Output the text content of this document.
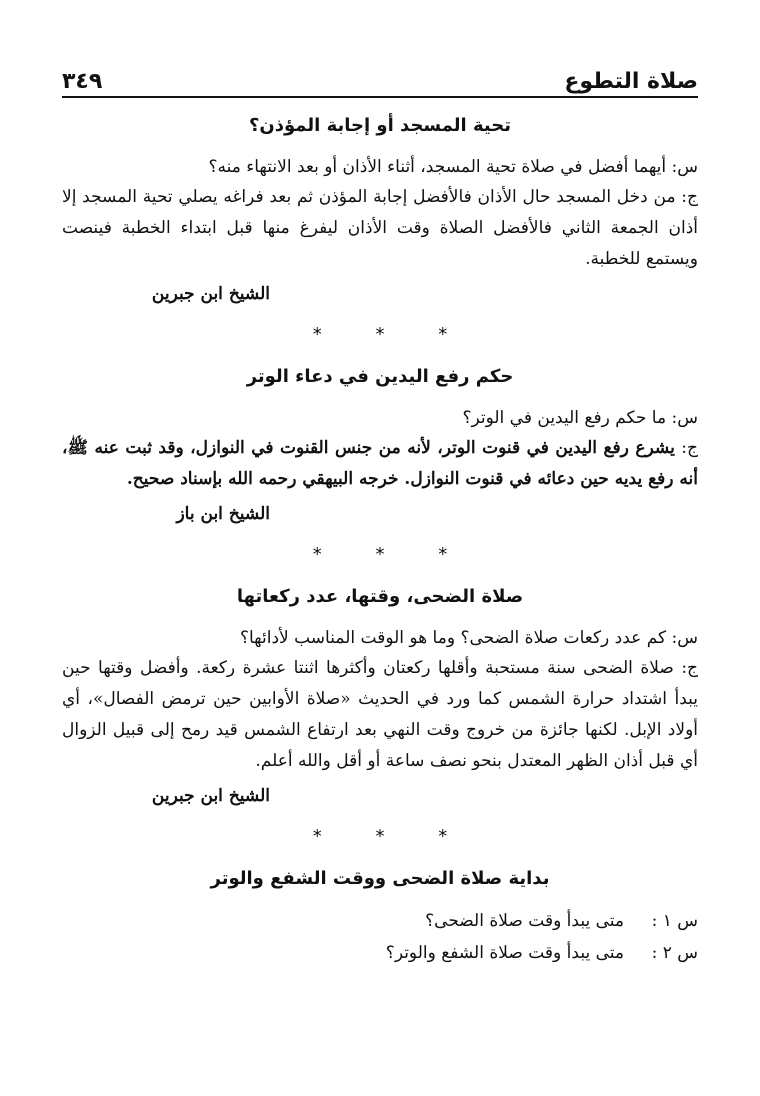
٣٤٩	صلاة التطوع
تحية المسجد أو إجابة المؤذن؟

س: أيهما أفضل في صلاة تحية المسجد، أثناء الأذان أو بعد الانتهاء منه؟

ج: من دخل المسجد حال الأذان فالأفضل إجابة المؤذن ثم بعد فراغه يصلي تحية المسجد إلا أذان الجمعة الثاني فالأفضل الصلاة وقت الأذان ليفرغ منها قبل ابتداء الخطبة فينصت ويستمع للخطبة.

الشيخ ابن جبرين

* * *
حكم رفع اليدين في دعاء الوتر

س: ما حكم رفع اليدين في الوتر؟

ج: يشرع رفع اليدين في قنوت الوتر، لأنه من جنس القنوت في النوازل، وقد ثبت عنه ﷺ، أنه رفع يديه حين دعائه في قنوت النوازل. خرجه البيهقي رحمه الله بإسناد صحيح.

الشيخ ابن باز

* * *
صلاة الضحى، وقتها، عدد ركعاتها

س: كم عدد ركعات صلاة الضحى؟ وما هو الوقت المناسب لأدائها؟

ج: صلاة الضحى سنة مستحبة وأقلها ركعتان وأكثرها اثنتا عشرة ركعة. وأفضل وقتها حين يبدأ اشتداد حرارة الشمس كما ورد في الحديث «صلاة الأوابين حين ترمض الفصال»، أي أولاد الإبل. لكنها جائزة من خروج وقت النهي بعد ارتفاع الشمس قيد رمح إلى قبيل الزوال أي قبل أذان الظهر المعتدل بنحو نصف ساعة أو أقل والله أعلم.

الشيخ ابن جبرين

* * *
بداية صلاة الضحى ووقت الشفع والوتر

س ١ :متى يبدأ وقت صلاة الضحى؟

س ٢ :متى يبدأ وقت صلاة الشفع والوتر؟
